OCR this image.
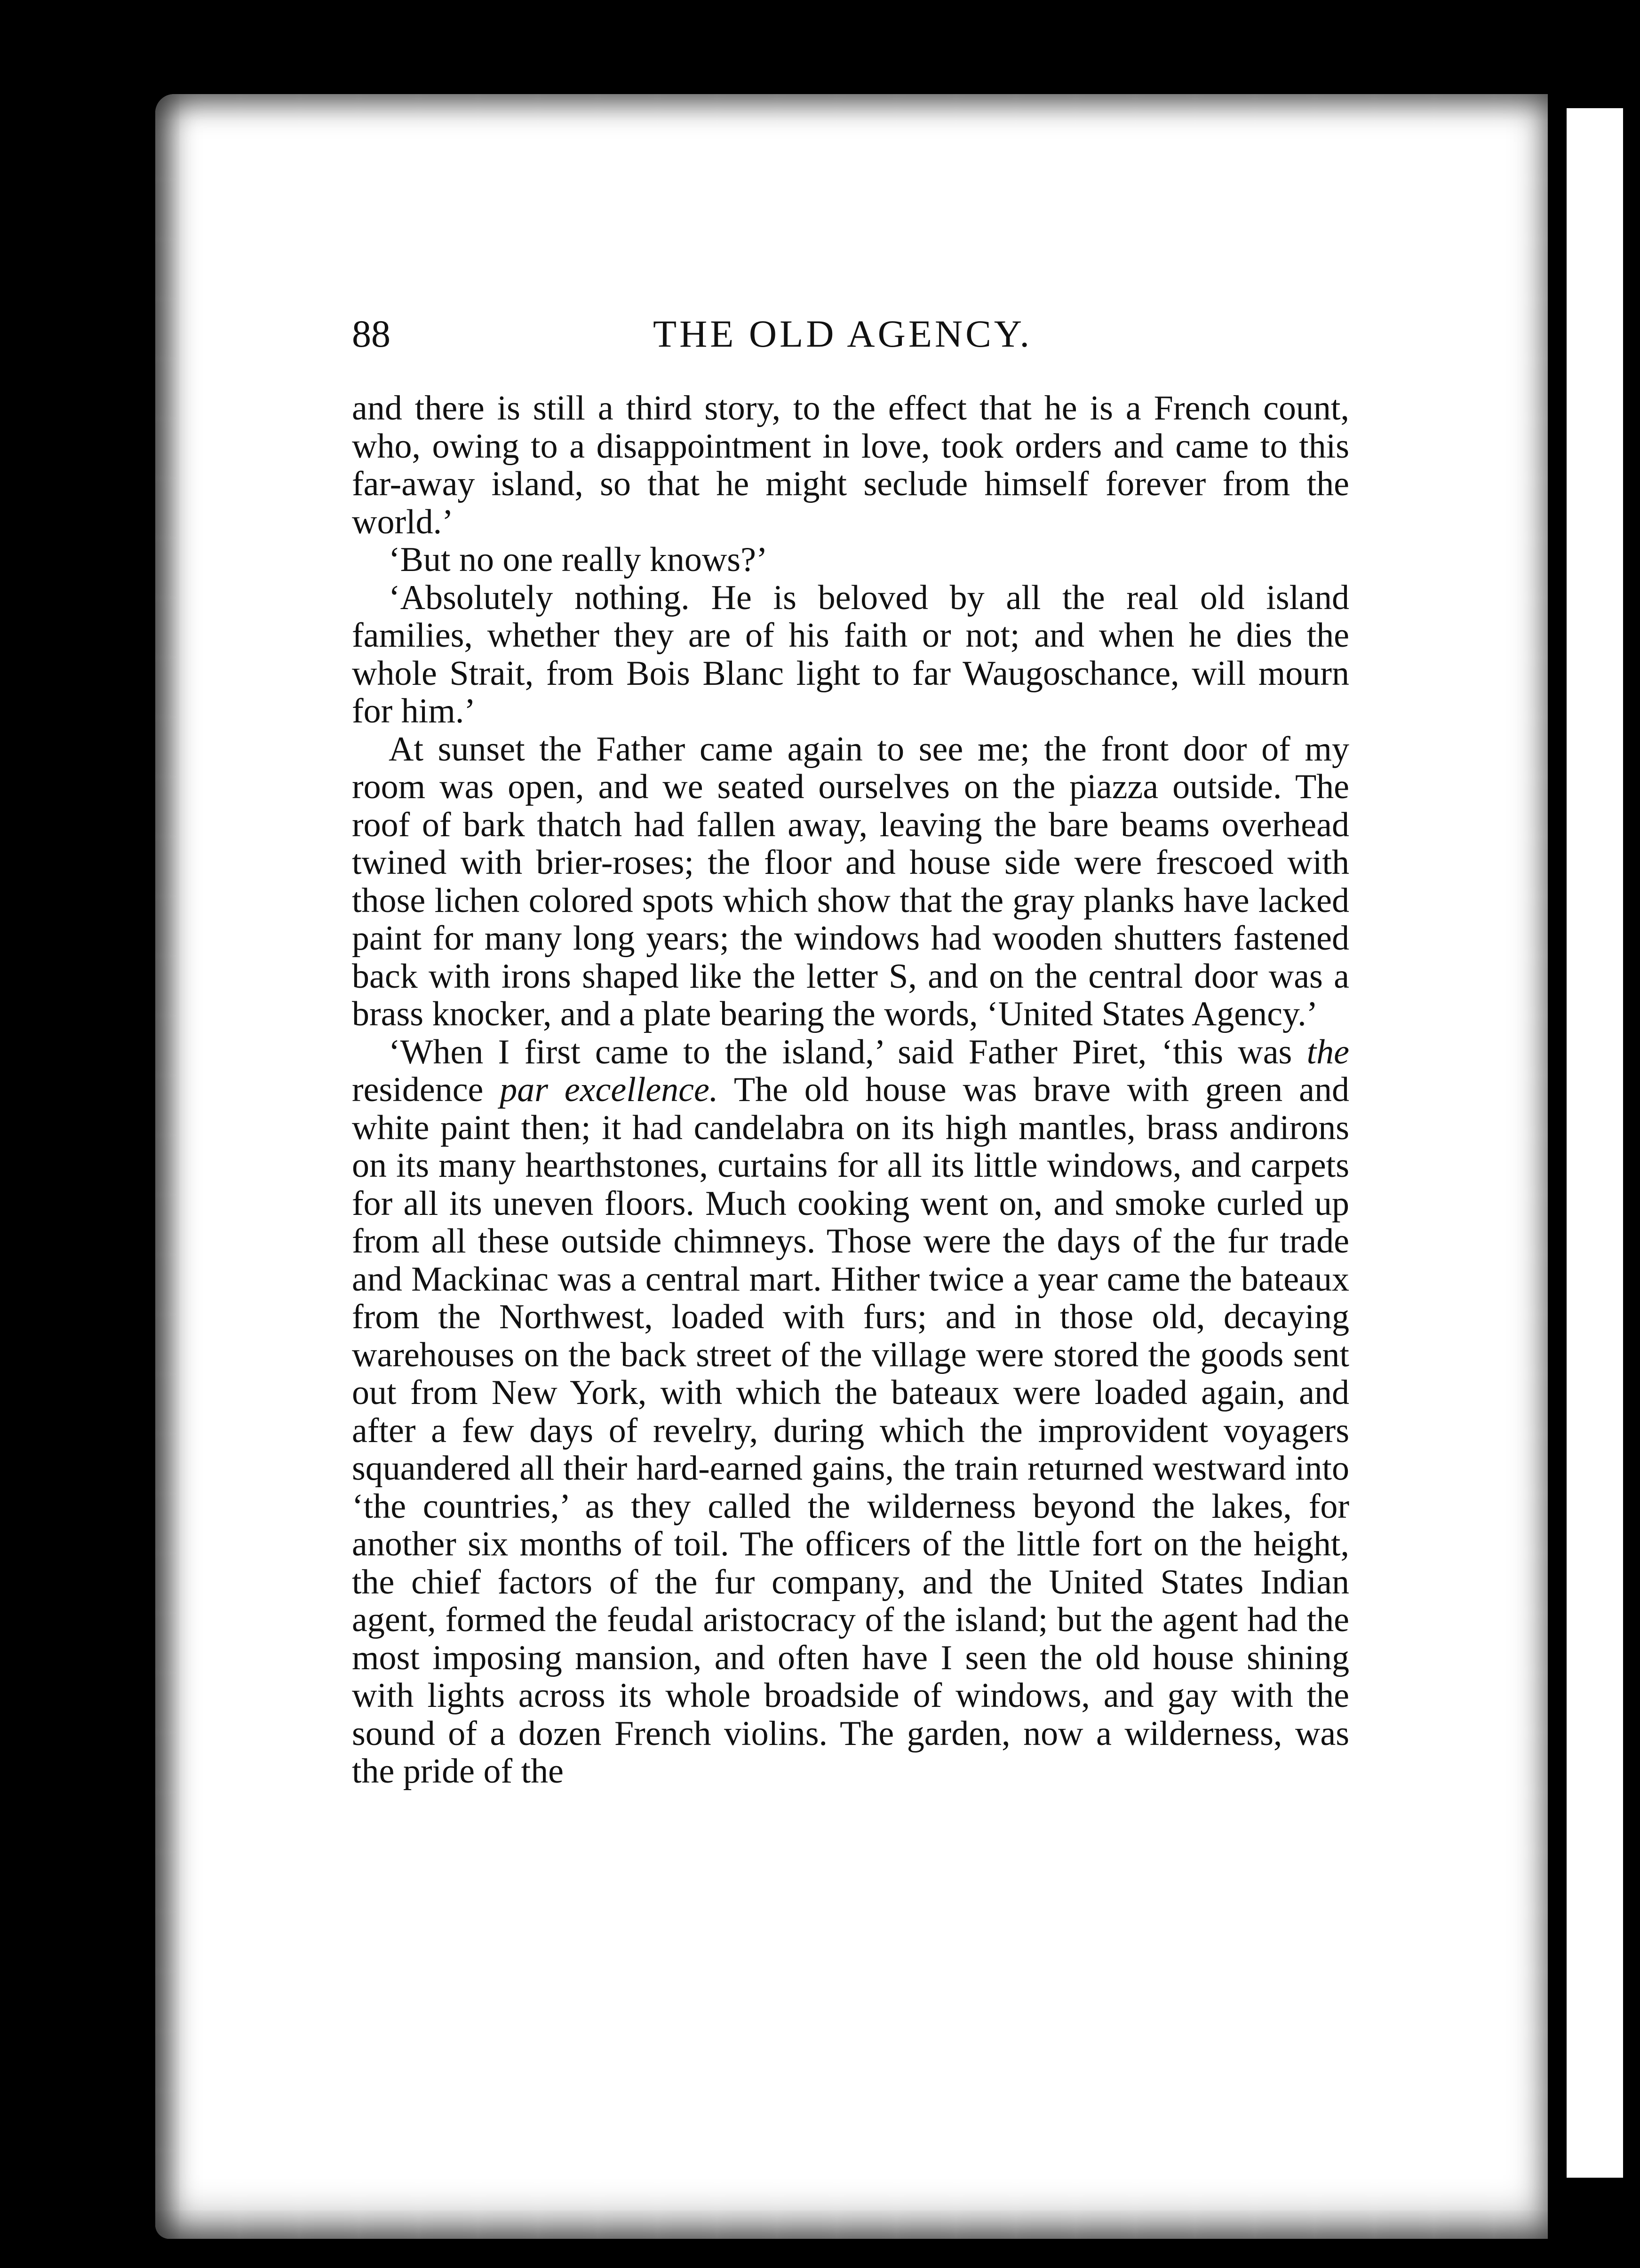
88	THE OLD AGENCY.

and there is still a third story, to the effect that he is a French count, who, owing to a disappointment in love, took orders and came to this far-away island, so that he might seclude himself forever from the world.’

‘But no one really knows?’

‘Absolutely nothing. He is beloved by all the real old island families, whether they are of his faith or not; and when he dies the whole Strait, from Bois Blanc light to far Waugoschance, will mourn for him.’

At sunset the Father came again to see me; the front door of my room was open, and we seated ourselves on the piazza outside. The roof of bark thatch had fallen away, leaving the bare beams overhead twined with brier-roses; the floor and house side were frescoed with those lichen colored spots which show that the gray planks have lacked paint for many long years; the windows had wooden shutters fastened back with irons shaped like the letter S, and on the central door was a brass knocker, and a plate bearing the words, ‘United States Agency.’

‘When I first came to the island,’ said Father Piret, ‘this was the residence par excellence. The old house was brave with green and white paint then; it had candelabra on its high mantles, brass andirons on its many hearthstones, curtains for all its little windows, and carpets for all its uneven floors. Much cooking went on, and smoke curled up from all these outside chimneys. Those were the days of the fur trade and Mackinac was a central mart. Hither twice a year came the bateaux from the Northwest, loaded with furs; and in those old, decaying warehouses on the back street of the village were stored the goods sent out from New York, with which the bateaux were loaded again, and after a few days of revelry, during which the improvident voyagers squandered all their hard-earned gains, the train returned westward into ‘the countries,’ as they called the wilderness beyond the lakes, for another six months of toil. The officers of the little fort on the height, the chief factors of the fur company, and the United States Indian agent, formed the feudal aristocracy of the island; but the agent had the most imposing mansion, and often have I seen the old house shining with lights across its whole broadside of windows, and gay with the sound of a dozen French violins. The garden, now a wilderness, was the pride of the
